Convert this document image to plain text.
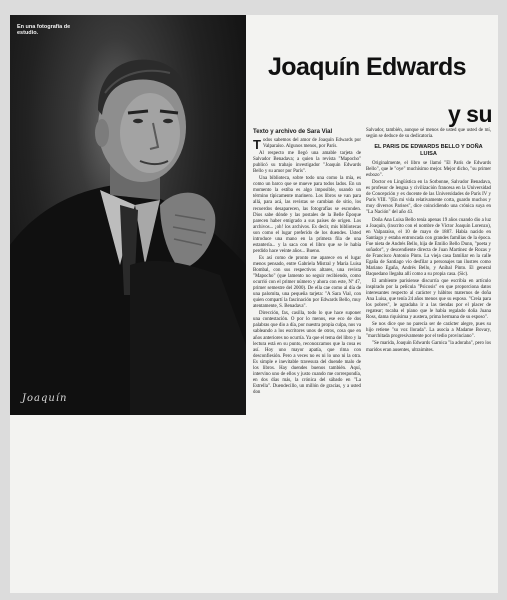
En una fotografía de estudio.
Joaquín
Joaquín Edwards
y su
Texto y archivo de Sara Vial

Todos sabemos del amor de Joaquín Edwards por Valparaíso. Algunos menos, por París.

Al respecto me llegó una amable tarjeta de Salvador Benadava; a quien la revista "Mapocho" publicó su trabajo investigador "Joaquín Edwards Bello y su amor por París".

Una biblioteca, sobre todo una como la mía, es como un barco que se mueve para todos lados. En un momento la estiba es algo imposible, usando un término típicamente marinero. Los libros se van para allá, para acá, las revistas se cambian de sitio, los recuerdos desaparecen, las fotografías se esconden. Dios sabe dónde y las postales de la Belle Époque parecen haber emigrado a sus países de origen. Los archivos... ¡oh! los archivos. Es decir, mis bibliotecas son como el lugar preferido de los duendes. Usted introduce una mano en la primera fila de una estantería... y la saca con el libro que se le había perdido hace veinte años... Bueno.

Es así como de pronto me aparece en el lugar menos pensado, entre Gabriela Mistral y María Luisa Bombal, con sus respectivos altares, una revista "Mapocho" (que lamento no seguir recibiendo, como ocurrió con el primer número y ahora con este, Nº 47, primer semestre del 2000). De ella cae como al día de una palomita, una pequeña tarjeta: "A Sara Vial, con quien compartí la fascinación por Edwards Bello, muy atentamente, S. Benadava".

Dirección, fax, casilla, todo lo que hace suponer una contestación. O por lo menos, ese eco de dos palabras que dio a día, por nuestra propia culpa, nos va sableando a los escritores unos de otros, cosa que en años anteriores no ocurría. Ya que el tema del libro y la lectura está en su punto, reconozcamos que la cosa es así. Hoy uno mayor apatía, que rima con desconfiesión. Pero a veces no es ni lo uno ni la otra. Es simple e inevitable travesura del duende malo de los libros. Hay duendes buenos también. Aquí, intervino uno de ellos y justo cuando me correspondía, en dos días más, la crónica del sábado en "La Estrella". Duendecillo, un millón de gracias, y a usted don

Salvador, también, aunque sé menos de usted que usted de mí, según se deduce de su dedicatoria.

EL PARIS DE EDWARDS BELLO Y DOÑA LUISA

Originalmente, el libro se llamó "El París de Edwards Bello", que le "oye" muchísimo mejor. Mejor dicho, "su primer esbozo".

Doctor en Lingüística en la Sorbonne, Salvador Benadava, es profesor de lengua y civilización francesa en la Universidad de Concepción y ex docente de las Universidades de París IV y París VIII. "(En mi vida relativamente corta, guardo muchos y muy diversos Parises", dice coincidiendo una crónica suya en "La Nación" del año 43.

Doña Ana Luisa Bello tenía apenas 19 años cuando dio a luz a Joaquín, (inscrito con el nombre de Víctor Joaquín Lorenzo), en Valparaíso, el 10 de mayo de 1887. Había nacido en Santiago y estaba entroncada con grandes familias de la época. Fue nieta de Andrés Bello, hija de Emilio Bello Dunn, "poeta y soñador", y descendiente directa de Juan Martínez de Rozas y de Francisco Antonio Pinto. La vieja casa familiar en la calle Egaña de Santiago vio desfilar a personajes tan ilustres como Mariano Egaña, Andrés Bello, y Aníbal Pinto. El general Baquedano llegaba allí como a su propia casa. (Sic).

El ambiente parisiense discurría que escribía en artículo inspirado por la película "Psicosis" en que proporciona datos interesantes respecto al carácter y hábitos maternos de doña Ana Luisa, que tenía 24 años menos que su esposo. "Creía para los pobres", le agradaba ir a las tiendas por el placer de regatear; tocaba el piano que le había regalado doña Juana Ross, dama riquísima y austera, prima hermana de su esposo".

Se nos dice que no parecía ser de carácter alegre, pues su hijo retiene "su voz llorada". La asocia a Madame Bovary, "marchitada progresivamente por el tedio provinciano".

"Se marida, Joaquín Edwards Garnica "la adoraba", pero los maridos eran ausentes, ultraimites.
